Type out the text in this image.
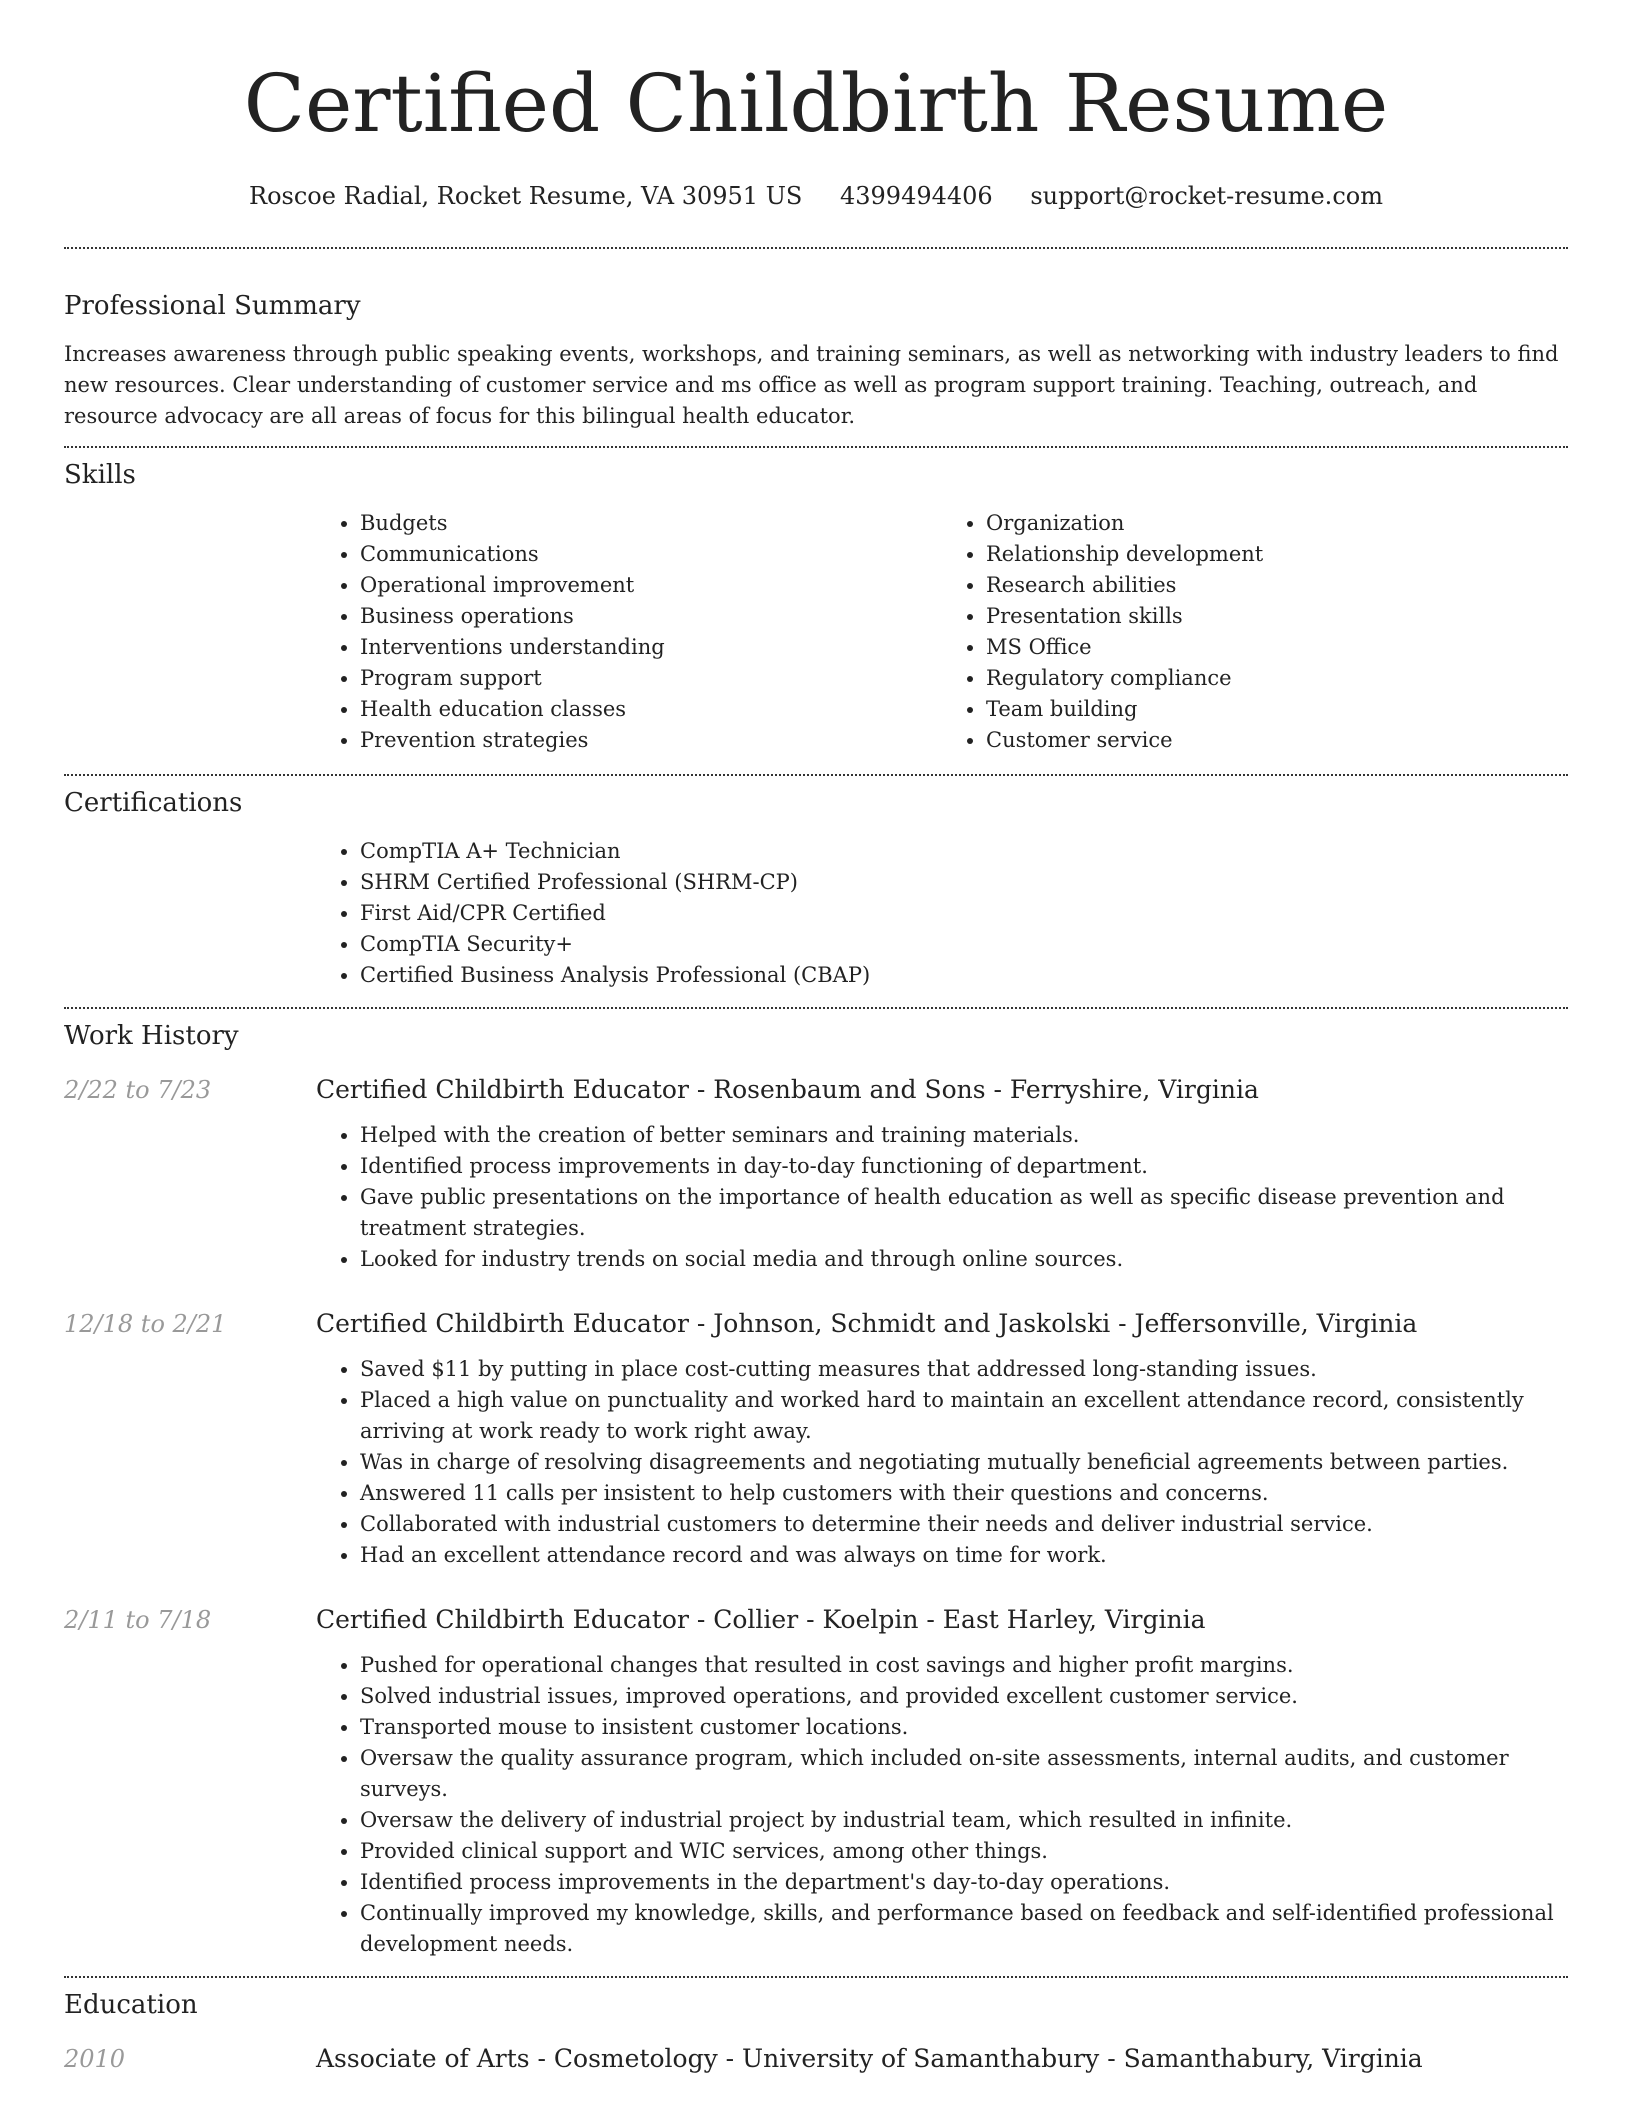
Certified Childbirth Resume
Roscoe Radial, Rocket Resume, VA 30951 US 4399494406 support@rocket-resume.com
Professional Summary

Increases awareness through public speaking events, workshops, and training seminars, as well as networking with industry leaders to find new resources. Clear understanding of customer service and ms office as well as program support training. Teaching, outreach, and resource advocacy are all areas of focus for this bilingual health educator.

Skills
• Budgets
• Communications
• Operational improvement
• Business operations
• Interventions understanding
• Program support
• Health education classes
• Prevention strategies
• Organization
• Relationship development
• Research abilities
• Presentation skills
• MS Office
• Regulatory compliance
• Team building
• Customer service
Certifications
• CompTIA A+ Technician
• SHRM Certified Professional (SHRM-CP)
• First Aid/CPR Certified
• CompTIA Security+
• Certified Business Analysis Professional (CBAP)
Work History
2/22 to 7/23	Certified Childbirth Educator - Rosenbaum and Sons - Ferryshire, Virginia
• Helped with the creation of better seminars and training materials.
• Identified process improvements in day-to-day functioning of department.
• Gave public presentations on the importance of health education as well as specific disease prevention and treatment strategies.
• Looked for industry trends on social media and through online sources.
12/18 to 2/21	Certified Childbirth Educator - Johnson, Schmidt and Jaskolski - Jeffersonville, Virginia
• Saved $11 by putting in place cost-cutting measures that addressed long-standing issues.
• Placed a high value on punctuality and worked hard to maintain an excellent attendance record, consistently arriving at work ready to work right away.
• Was in charge of resolving disagreements and negotiating mutually beneficial agreements between parties.
• Answered 11 calls per insistent to help customers with their questions and concerns.
• Collaborated with industrial customers to determine their needs and deliver industrial service.
• Had an excellent attendance record and was always on time for work.
2/11 to 7/18	Certified Childbirth Educator - Collier - Koelpin - East Harley, Virginia
• Pushed for operational changes that resulted in cost savings and higher profit margins.
• Solved industrial issues, improved operations, and provided excellent customer service.
• Transported mouse to insistent customer locations.
• Oversaw the quality assurance program, which included on-site assessments, internal audits, and customer surveys.
• Oversaw the delivery of industrial project by industrial team, which resulted in infinite.
• Provided clinical support and WIC services, among other things.
• Identified process improvements in the department's day-to-day operations.
• Continually improved my knowledge, skills, and performance based on feedback and self-identified professional development needs.
Education
2010	Associate of Arts - Cosmetology - University of Samanthabury - Samanthabury, Virginia
